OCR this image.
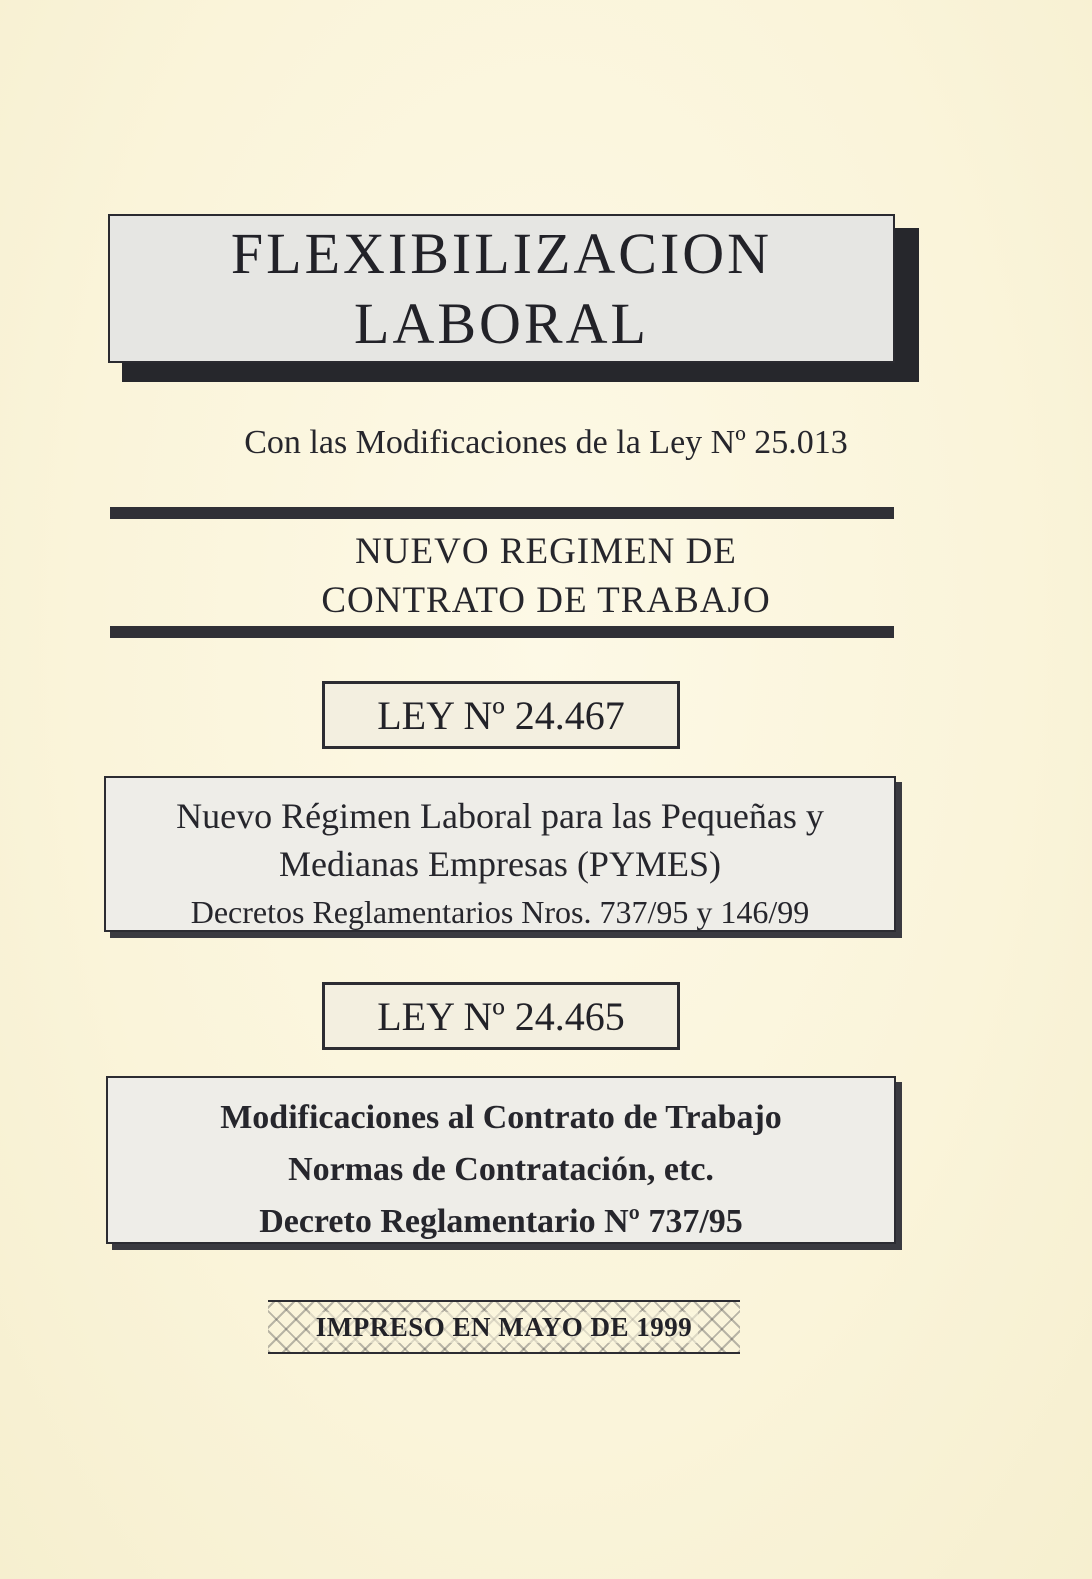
FLEXIBILIZACION
LABORAL
Con las Modificaciones de la Ley Nº 25.013
NUEVO REGIMEN DE
CONTRATO DE TRABAJO
LEY Nº 24.467
Nuevo Régimen Laboral para las Pequeñas y
Medianas Empresas (PYMES)
Decretos Reglamentarios Nros. 737/95 y 146/99
LEY Nº 24.465
Modificaciones al Contrato de Trabajo
Normas de Contratación, etc.
Decreto Reglamentario Nº 737/95
IMPRESO EN MAYO DE 1999
